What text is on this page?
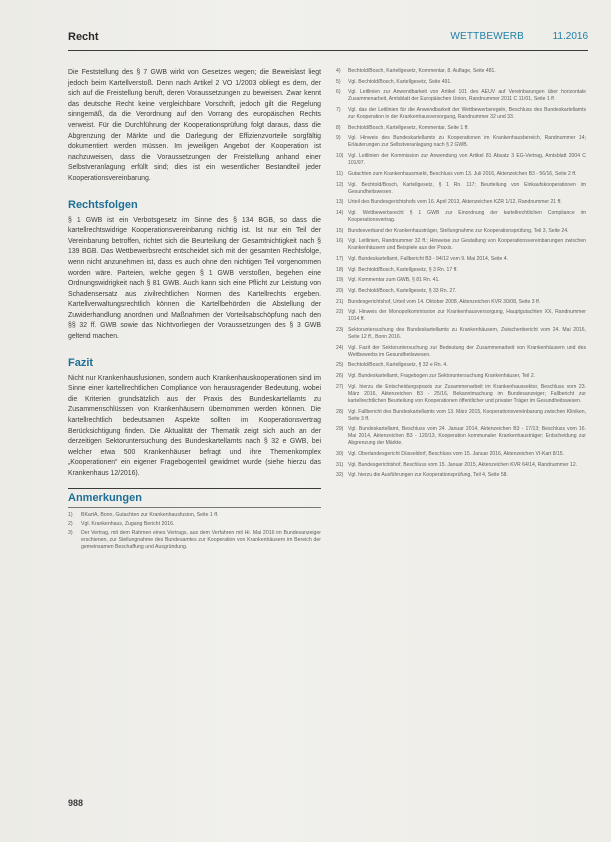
Recht	WETTBEWERB	11.2016

Die Feststellung des § 7 GWB wirkt von Gesetzes wegen; die Beweislast liegt jedoch beim Kartellverstoß. Denn nach Artikel 2 VO 1/2003 obliegt es dem, der sich auf die Freistellung beruft, deren Voraussetzungen zu beweisen. Zwar kennt das deutsche Recht keine vergleichbare Vorschrift, jedoch gilt die Regelung sinngemäß, da die Verordnung auf den Vorrang des europäischen Rechts verweist. Für die Durchführung der Kooperationsprüfung folgt daraus, dass die Abgrenzung der Märkte und die Darlegung der Effizienzvorteile sorgfältig dokumentiert werden müssen. Im jeweiligen Angebot der Kooperation ist nachzuweisen, dass die Voraussetzungen der Freistellung anhand einer Selbstveranlagung erfüllt sind; dies ist ein wesentlicher Bestandteil jeder Kooperationsvereinbarung.

Rechtsfolgen

§ 1 GWB ist ein Verbotsgesetz im Sinne des § 134 BGB, so dass die kartellrechtswidrige Kooperationsvereinbarung nichtig ist. Ist nur ein Teil der Vereinbarung betroffen, richtet sich die Beurteilung der Gesamtnichtigkeit nach § 139 BGB. Das Wettbewerbsrecht entscheidet sich mit der gesamten Rechtsfolge, wenn nicht anzunehmen ist, dass es auch ohne den nichtigen Teil vorgenommen worden wäre. Parteien, welche gegen § 1 GWB verstoßen, begehen eine Ordnungswidrigkeit nach § 81 GWB. Auch kann sich eine Pflicht zur Leistung von Schadensersatz aus zivilrechtlichen Normen des Kartellrechts ergeben. Kartellverwaltungsrechtlich können die Kartellbehörden die Abstellung der Zuwiderhandlung anordnen und Maßnahmen der Vorteilsabschöpfung nach den §§ 32 ff. GWB sowie das Nichtvorliegen der Voraussetzungen des § 3 GWB geltend machen.

Fazit

Nicht nur Krankenhausfusionen, sondern auch Krankenhauskooperationen sind im Sinne einer kartellrechtlichen Compliance von herausragender Bedeutung, wobei die Kriterien grundsätzlich aus der Praxis des Bundeskartellamts zu Zusammenschlüssen von Krankenhäusern übernommen werden können. Die kartellrechtlich bedeutsamen Aspekte sollten im Kooperationsvertrag Berücksichtigung finden. Die Aktualität der Thematik zeigt sich auch an der derzeitigen Sektoruntersuchung des Bundeskartellamts nach § 32 e GWB, bei welcher etwa 500 Krankenhäuser befragt und ihre Themenkomplex „Kooperationen“ ein eigener Fragebogenteil gewidmet wurde (siehe hierzu das Krankenhaus 12/2016).

Anmerkungen
1)	BKartA, Bonn, Gutachten zur Krankenhausfusion, Seite 1 ff.
2)	Vgl. Krankenhaus, Zugang Bericht 2016.
3)	Der Vertrag, mit dem Rahmen eines Vertrags, aus dem Verfahren mit Hi. Mai 2016 im Bundesanzeiger erschienen, zur Stellungnahme des Bundesamtes zur Kooperation von Krankenhäusern im Bereich der gemeinsamen Beschaffung und Ausgründung.
4)	Bechtold/Bosch, Kartellgesetz, Kommentar, 8. Auflage, Seite 481.
5)	Vgl. Bechtold/Bosch, Kartellgesetz, Seite 491.
6)	Vgl. Leitlinien zur Anwendbarkeit von Artikel 101 des AEUV auf Vereinbarungen über horizontale Zusammenarbeit, Amtsblatt der Europäischen Union, Randnummer 2011 C 11/01, Seite 1 ff.
7)	Vgl. das der Leitlinien für die Anwendbarkeit der Wettbewerbsregeln, Beschluss des Bundeskartellamts zur Kooperation in der Krankenhausversorgung, Randnummer 32 und 33.
8)	Bechtold/Bosch, Kartellgesetz, Kommentar, Seite 1 ff.
9)	Vgl. Hinweis des Bundeskartellamts zu Kooperationen im Krankenhausbereich, Randnummer 14; Erläuterungen zur Selbstveranlagung nach § 2 GWB.
10) Vgl. Leitlinien der Kommission zur Anwendung von Artikel 81 Absatz 3 EG-Vertrag, Amtsblatt 2004 C 101/97.
11) Gutachten zum Krankenhausmarkt, Beschluss vom 13. Juli 2016, Aktenzeichen B3 - 56/16, Seite 2 ff.
12) Vgl. Bechtold/Bosch, Kartellgesetz, § 1 Rn. 117; Beurteilung von Einkaufskooperationen im Gesundheitswesen.
13) Urteil des Bundesgerichtshofs vom 16. April 2013, Aktenzeichen KZR 1/12, Randnummer 21 ff.
14) Vgl. Wettbewerbsrecht § 1 GWB zur Einordnung der kartellrechtlichen Compliance im Kooperationsvertrag.
15) Bundesverband der Krankenhausträger, Stellungnahme zur Kooperationsprüfung, Teil 3, Seite 24.
16) Vgl. Leitlinien, Randnummer 32 ff.; Hinweise zur Gestaltung von Kooperationsvereinbarungen zwischen Krankenhäusern und Beispiele aus der Praxis.
17) Vgl. Bundeskartellamt, Fallbericht B3 - 94/12 vom 9. Mai 2014, Seite 4.
18) Vgl. Bechtold/Bosch, Kartellgesetz, § 3 Rn. 17 ff.
19) Vgl. Kommentar zum GWB, § 81 Rn. 41.
20) Vgl. Bechtold/Bosch, Kartellgesetz, § 33 Rn. 27.
21) Bundesgerichtshof, Urteil vom 14. Oktober 2008, Aktenzeichen KVR 30/08, Seite 3 ff.
22) Vgl. Hinweis der Monopolkommission zur Krankenhausversorgung, Hauptgutachten XX, Randnummer 1014 ff.
23) Sektoruntersuchung des Bundeskartellamts zu Krankenhäusern, Zwischenbericht vom 24. Mai 2016, Seite 12 ff., Bonn 2016.
24) Vgl. Fazit der Sektoruntersuchung zur Bedeutung der Zusammenarbeit von Krankenhäusern und des Wettbewerbs im Gesundheitswesen.
25) Bechtold/Bosch, Kartellgesetz, § 32 e Rn. 4.
26) Vgl. Bundeskartellamt, Fragebogen zur Sektoruntersuchung Krankenhäuser, Teil 2.
27) Vgl. hierzu die Entscheidungspraxis zur Zusammenarbeit im Krankenhaussektor, Beschluss vom 23. März 2016, Aktenzeichen B3 - 25/16, Bekanntmachung im Bundesanzeiger; Fallbericht zur kartellrechtlichen Beurteilung von Kooperationen öffentlicher und privater Träger im Gesundheitswesen.
28) Vgl. Fallbericht des Bundeskartellamts vom 13. März 2015, Kooperationsvereinbarung zwischen Kliniken, Seite 3 ff.
29) Vgl. Bundeskartellamt, Beschluss vom 24. Januar 2014, Aktenzeichen B3 - 17/13; Beschluss vom 16. Mai 2014, Aktenzeichen B3 - 120/13, Kooperation kommunaler Krankenhausträger; Entscheidung zur Abgrenzung der Märkte.
30) Vgl. Oberlandesgericht Düsseldorf, Beschluss vom 15. Januar 2016, Aktenzeichen VI-Kart 8/15.
31) Vgl. Bundesgerichtshof, Beschluss vom 15. Januar 2015, Aktenzeichen KVR 64/14, Randnummer 12.
32) Vgl. hierzu die Ausführungen zur Kooperationsprüfung, Teil 4, Seite 58.
988
